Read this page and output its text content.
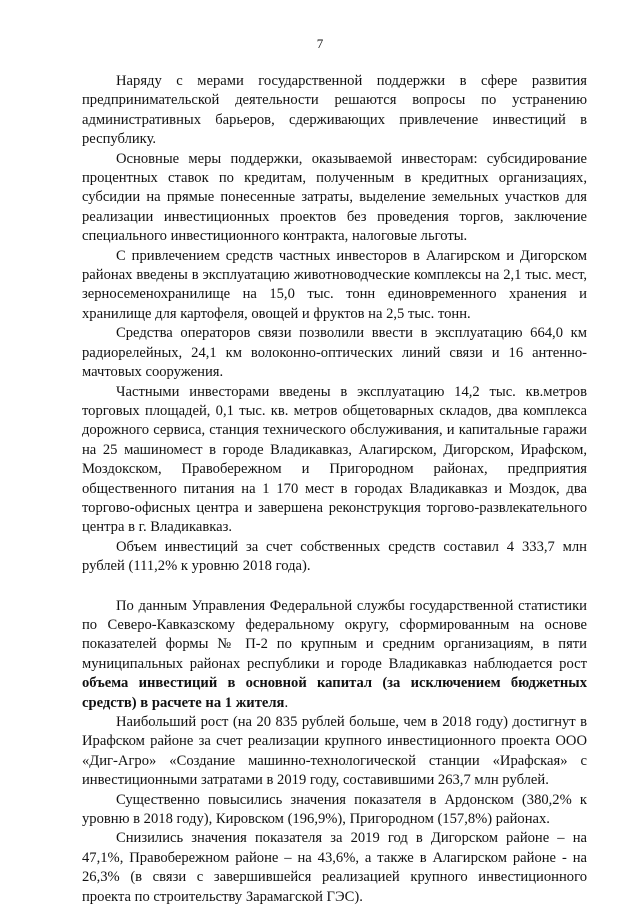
7

Наряду с мерами государственной поддержки в сфере развития предпринимательской деятельности решаются вопросы по устранению административных барьеров, сдерживающих привлечение инвестиций в республику.

Основные меры поддержки, оказываемой инвесторам: субсидирование процентных ставок по кредитам, полученным в кредитных организациях, субсидии на прямые понесенные затраты, выделение земельных участков для реализации инвестиционных проектов без проведения торгов, заключение специального инвестиционного контракта, налоговые льготы.

С привлечением средств частных инвесторов в Алагирском и Дигорском районах введены в эксплуатацию животноводческие комплексы на 2,1 тыс. мест, зерносеменохранилище на 15,0 тыс. тонн единовременного хранения и хранилище для картофеля, овощей и фруктов на 2,5 тыс. тонн.

Средства операторов связи позволили ввести в эксплуатацию 664,0 км радиорелейных, 24,1 км волоконно-оптических линий связи и 16 антенно-мачтовых сооружения.

Частными инвесторами введены в эксплуатацию 14,2 тыс. кв.метров торговых площадей, 0,1 тыс. кв. метров общетоварных складов, два комплекса дорожного сервиса, станция технического обслуживания, и капитальные гаражи на 25 машиномест в городе Владикавказ, Алагирском, Дигорском, Ирафском, Моздокском, Правобережном и Пригородном районах, предприятия общественного питания на 1 170 мест в городах Владикавказ и Моздок, два торгово-офисных центра и завершена реконструкция торгово-развлекательного центра в г. Владикавказ.

Объем инвестиций за счет собственных средств составил 4 333,7 млн рублей (111,2% к уровню 2018 года).

По данным Управления Федеральной службы государственной статистики по Северо-Кавказскому федеральному округу, сформированным на основе показателей формы № П-2 по крупным и средним организациям, в пяти муниципальных районах республики и городе Владикавказ наблюдается рост объема инвестиций в основной капитал (за исключением бюджетных средств) в расчете на 1 жителя.

Наибольший рост (на 20 835 рублей больше, чем в 2018 году) достигнут в Ирафском районе за счет реализации крупного инвестиционного проекта ООО «Диг-Агро» «Создание машинно-технологической станции «Ирафская» с инвестиционными затратами в 2019 году, составившими 263,7 млн рублей.

Существенно повысились значения показателя в Ардонском (380,2% к уровню в 2018 году), Кировском (196,9%), Пригородном (157,8%) районах.

Снизились значения показателя за 2019 год в Дигорском районе – на 47,1%, Правобережном районе – на 43,6%, а также в Алагирском районе - на 26,3% (в связи с завершившейся реализацией крупного инвестиционного проекта по строительству Зарамагской ГЭС).
